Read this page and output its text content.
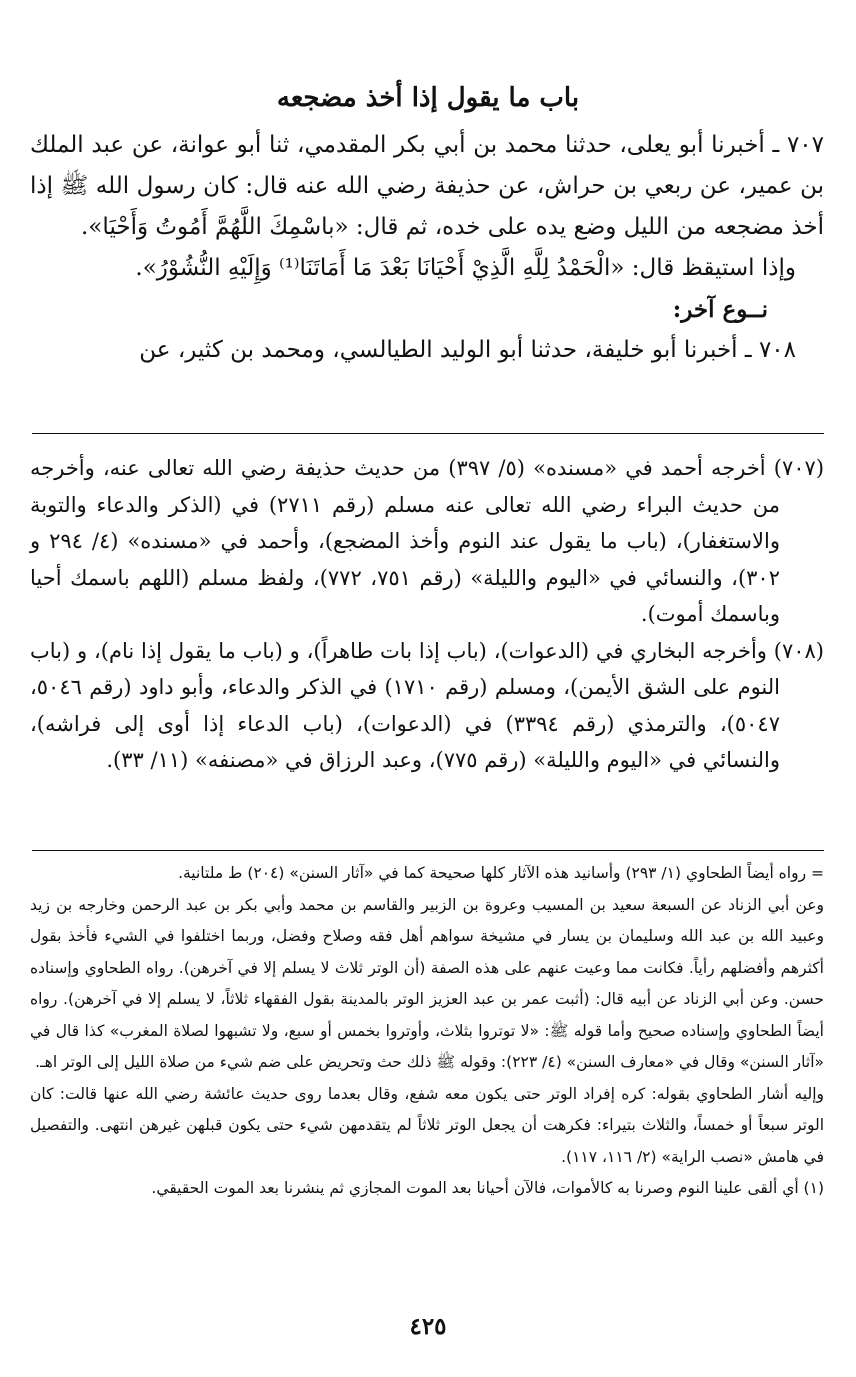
باب ما يقول إذا أخذ مضجعه

٧٠٧ ـ أخبرنا أبو يعلى، حدثنا محمد بن أبي بكر المقدمي، ثنا أبو عوانة، عن عبد الملك بن عمير، عن ربعي بن حراش، عن حذيفة رضي الله عنه قال: كان رسول الله ﷺ إذا أخذ مضجعه من الليل وضع يده على خده، ثم قال: «باسْمِكَ اللَّهُمَّ أَمُوتُ وَأَحْيَا».

وإذا استيقظ قال: «الْحَمْدُ لِلَّهِ الَّذِيْ أَحْيَانَا بَعْدَ مَا أَمَاتَنَا⁽¹⁾ وَإِلَيْهِ النُّشُوْرُ».

نــوع آخر:

٧٠٨ ـ أخبرنا أبو خليفة، حدثنا أبو الوليد الطيالسي، ومحمد بن كثير، عن

(٧٠٧) أخرجه أحمد في «مسنده» (٥/ ٣٩٧) من حديث حذيفة رضي الله تعالى عنه، وأخرجه من حديث البراء رضي الله تعالى عنه مسلم (رقم ٢٧١١) في (الذكر والدعاء والتوبة والاستغفار)، (باب ما يقول عند النوم وأخذ المضجع)، وأحمد في «مسنده» (٤/ ٢٩٤ و ٣٠٢)، والنسائي في «اليوم والليلة» (رقم ٧٥١، ٧٧٢)، ولفظ مسلم (اللهم باسمك أحيا وباسمك أموت).

(٧٠٨) وأخرجه البخاري في (الدعوات)، (باب إذا بات طاهراً)، و (باب ما يقول إذا نام)، و (باب النوم على الشق الأيمن)، ومسلم (رقم ١٧١٠) في الذكر والدعاء، وأبو داود (رقم ٥٠٤٦، ٥٠٤٧)، والترمذي (رقم ٣٣٩٤) في (الدعوات)، (باب الدعاء إذا أوى إلى فراشه)، والنسائي في «اليوم والليلة» (رقم ٧٧٥)، وعبد الرزاق في «مصنفه» (١١/ ٣٣).

= رواه أيضاً الطحاوي (١/ ٢٩٣) وأسانيد هذه الآثار كلها صحيحة كما في «آثار السنن» (٢٠٤) ط ملتانية.

وعن أبي الزناد عن السبعة سعيد بن المسيب وعروة بن الزبير والقاسم بن محمد وأبي بكر بن عبد الرحمن وخارجه بن زيد وعبيد الله بن عبد الله وسليمان بن يسار في مشيخة سواهم أهل فقه وصلاح وفضل، وربما اختلفوا في الشيء فأخذ بقول أكثرهم وأفضلهم رأياً. فكانت مما وعيت عنهم على هذه الصفة (أن الوتر ثلاث لا يسلم إلا في آخرهن). رواه الطحاوي وإسناده حسن. وعن أبي الزناد عن أبيه قال: (أثبت عمر بن عبد العزيز الوتر بالمدينة بقول الفقهاء ثلاثاً، لا يسلم إلا في آخرهن). رواه أيضاً الطحاوي وإسناده صحيح وأما قوله ﷺ: «لا توتروا بثلاث، وأوتروا بخمس أو سبع، ولا تشبهوا لصلاة المغرب» كذا قال في «آثار السنن» وقال في «معارف السنن» (٤/ ٢٢٣): وقوله ﷺ ذلك حث وتحريض على ضم شيء من صلاة الليل إلى الوتر اهـ.

وإليه أشار الطحاوي بقوله: كره إفراد الوتر حتى يكون معه شفع، وقال بعدما روى حديث عائشة رضي الله عنها قالت: كان الوتر سبعاً أو خمساً، والثلاث بتيراء: فكرهت أن يجعل الوتر ثلاثاً لم يتقدمهن شيء حتى يكون قبلهن غيرهن انتهى. والتفصيل في هامش «نصب الراية» (٢/ ١١٦، ١١٧).

(١) أي ألقى علينا النوم وصرنا به كالأموات، فالآن أحيانا بعد الموت المجازي ثم ينشرنا بعد الموت الحقيقي.

٤٢٥
